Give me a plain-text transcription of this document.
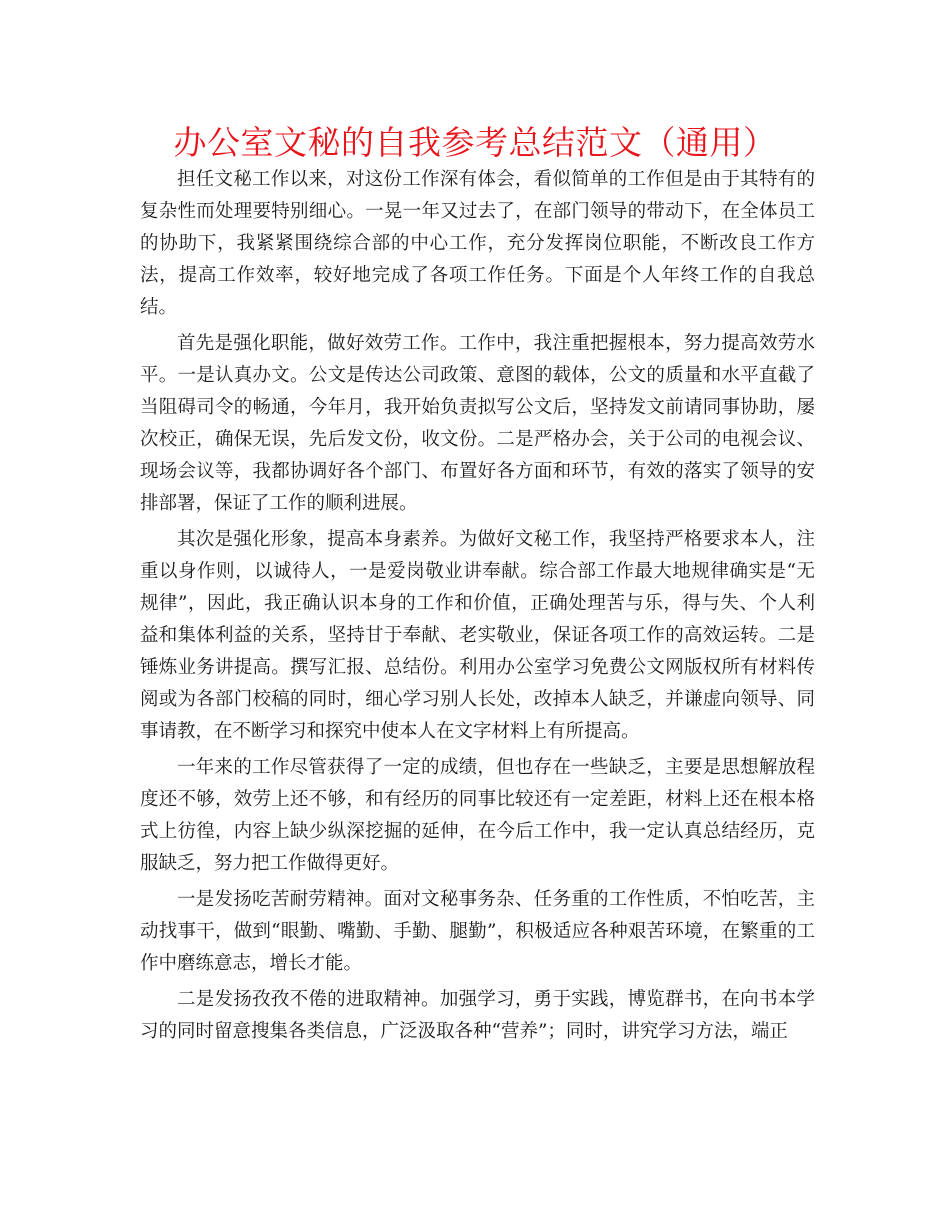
办公室文秘的自我参考总结范文（通用）

担任文秘工作以来，对这份工作深有体会，看似简单的工作但是由于其特有的复杂性而处理要特别细心。一晃一年又过去了，在部门领导的带动下，在全体员工的协助下，我紧紧围绕综合部的中心工作，充分发挥岗位职能，不断改良工作方法，提高工作效率，较好地完成了各项工作任务。下面是个人年终工作的自我总结。

首先是强化职能，做好效劳工作。工作中，我注重把握根本，努力提高效劳水平。一是认真办文。公文是传达公司政策、意图的载体，公文的质量和水平直截了当阻碍司令的畅通，今年月，我开始负责拟写公文后，坚持发文前请同事协助，屡次校正，确保无误，先后发文份，收文份。二是严格办会，关于公司的电视会议、现场会议等，我都协调好各个部门、布置好各方面和环节，有效的落实了领导的安排部署，保证了工作的顺利进展。

其次是强化形象，提高本身素养。为做好文秘工作，我坚持严格要求本人，注重以身作则，以诚待人，一是爱岗敬业讲奉献。综合部工作最大地规律确实是“无规律”，因此，我正确认识本身的工作和价值，正确处理苦与乐，得与失、个人利益和集体利益的关系，坚持甘于奉献、老实敬业，保证各项工作的高效运转。二是锤炼业务讲提高。撰写汇报、总结份。利用办公室学习免费公文网版权所有材料传阅或为各部门校稿的同时，细心学习别人长处，改掉本人缺乏，并谦虚向领导、同事请教，在不断学习和探究中使本人在文字材料上有所提高。

一年来的工作尽管获得了一定的成绩，但也存在一些缺乏，主要是思想解放程度还不够，效劳上还不够，和有经历的同事比较还有一定差距，材料上还在根本格式上彷徨，内容上缺少纵深挖掘的延伸，在今后工作中，我一定认真总结经历，克服缺乏，努力把工作做得更好。

一是发扬吃苦耐劳精神。面对文秘事务杂、任务重的工作性质，不怕吃苦，主动找事干，做到“眼勤、嘴勤、手勤、腿勤”，积极适应各种艰苦环境，在繁重的工作中磨练意志，增长才能。

二是发扬孜孜不倦的进取精神。加强学习，勇于实践，博览群书，在向书本学习的同时留意搜集各类信息，广泛汲取各种“营养”；同时，讲究学习方法，端正
